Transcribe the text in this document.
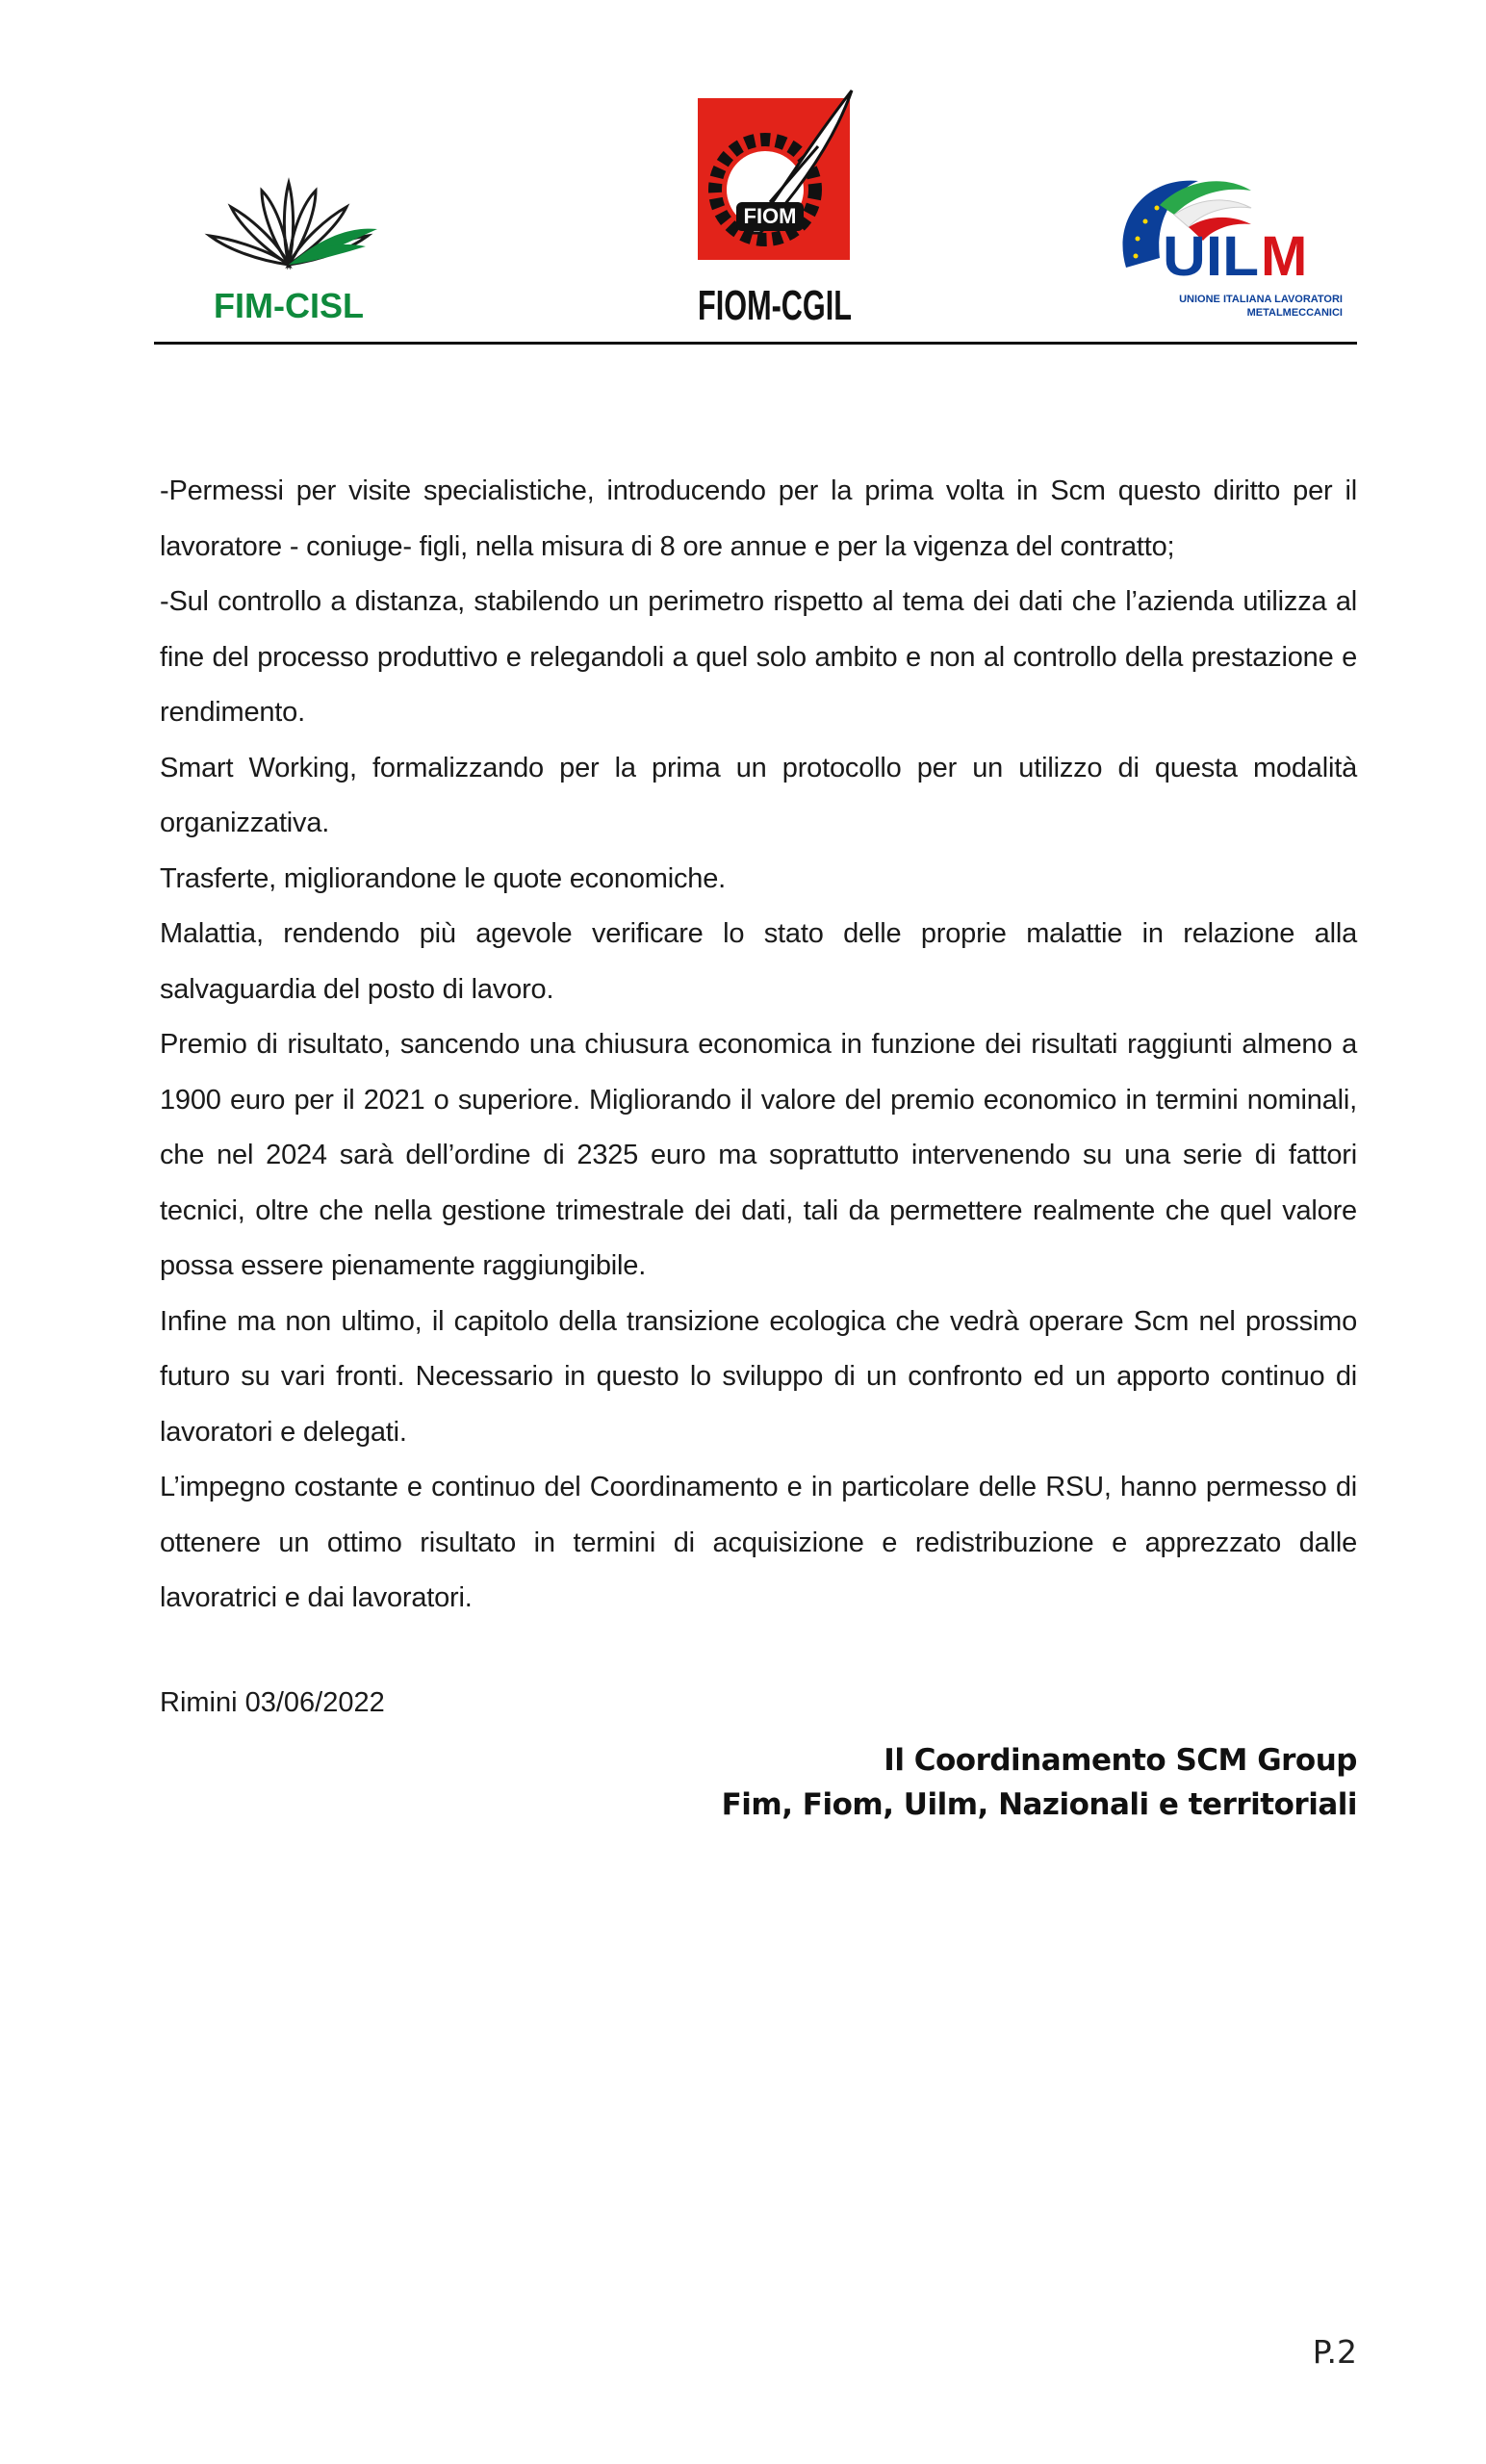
FIM-CISL
FIOM
FIOM-CGIL
UIL M
UNIONE ITALIANA LAVORATORI
METALMECCANICI

-Permessi per visite specialistiche, introducendo per la prima volta in Scm questo diritto per il lavoratore - coniuge- figli, nella misura di 8 ore annue e per la vigenza del contratto;

-Sul controllo a distanza, stabilendo un perimetro rispetto al tema dei dati che l’azienda utilizza al fine del processo produttivo e relegandoli a quel solo ambito e non al controllo della prestazione e rendimento.

Smart Working, formalizzando per la prima un protocollo per un utilizzo di questa modalità organizzativa.

Trasferte, migliorandone le quote economiche.

Malattia, rendendo più agevole verificare lo stato delle proprie malattie in relazione alla salvaguardia del posto di lavoro.

Premio di risultato, sancendo una chiusura economica in funzione dei risultati raggiunti almeno a 1900 euro per il 2021 o superiore. Migliorando il valore del premio economico in termini nominali, che nel 2024 sarà dell’ordine di 2325 euro ma soprattutto intervenendo su una serie di fattori tecnici, oltre che nella gestione trimestrale dei dati, tali da permettere realmente che quel valore possa essere pienamente raggiungibile.

Infine ma non ultimo, il capitolo della transizione ecologica che vedrà operare Scm nel prossimo futuro su vari fronti. Necessario in questo lo sviluppo di un confronto ed un apporto continuo di lavoratori e delegati.

L’impegno costante e continuo del Coordinamento e in particolare delle RSU, hanno permesso di ottenere un ottimo risultato in termini di acquisizione e redistribuzione e apprezzato dalle lavoratrici e dai lavoratori.

Rimini 03/06/2022
Il Coordinamento SCM Group
Fim, Fiom, Uilm, Nazionali e territoriali
P.2
